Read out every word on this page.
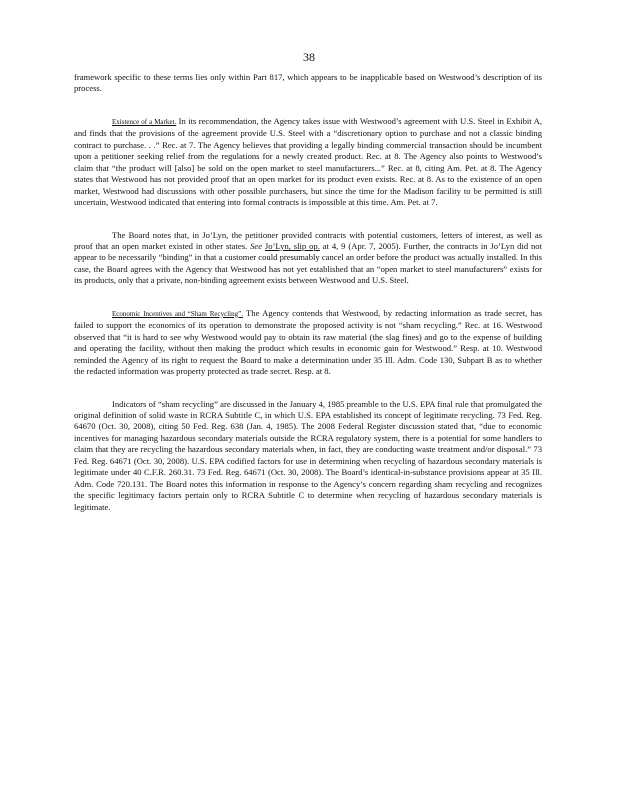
38

framework specific to these terms lies only within Part 817, which appears to be inapplicable based on Westwood’s description of its process.

Existence of a Market. In its recommendation, the Agency takes issue with Westwood’s agreement with U.S. Steel in Exhibit A, and finds that the provisions of the agreement provide U.S. Steel with a “discretionary option to purchase and not a classic binding contract to purchase. . .” Rec. at 7. The Agency believes that providing a legally binding commercial transaction should be incumbent upon a petitioner seeking relief from the regulations for a newly created product. Rec. at 8. The Agency also points to Westwood’s claim that “the product will [also] be sold on the open market to steel manufacturers...” Rec. at 8, citing Am. Pet. at 8. The Agency states that Westwood has not provided proof that an open market for its product even exists. Rec. at 8. As to the existence of an open market, Westwood had discussions with other possible purchasers, but since the time for the Madison facility to be permitted is still uncertain, Westwood indicated that entering into formal contracts is impossible at this time. Am. Pet. at 7.

The Board notes that, in Jo’Lyn, the petitioner provided contracts with potential customers, letters of interest, as well as proof that an open market existed in other states. See Jo’Lyn, slip op. at 4, 9 (Apr. 7, 2005). Further, the contracts in Jo’Lyn did not appear to be necessarily “binding” in that a customer could presumably cancel an order before the product was actually installed. In this case, the Board agrees with the Agency that Westwood has not yet established that an “open market to steel manufacturers” exists for its products, only that a private, non-binding agreement exists between Westwood and U.S. Steel.

Economic Incentives and “Sham Recycling”. The Agency contends that Westwood, by redacting information as trade secret, has failed to support the economics of its operation to demonstrate the proposed activity is not “sham recycling.” Rec. at 16. Westwood observed that “it is hard to see why Westwood would pay to obtain its raw material (the slag fines) and go to the expense of building and operating the facility, without then making the product which results in economic gain for Westwood.” Resp. at 10. Westwood reminded the Agency of its right to request the Board to make a determination under 35 Ill. Adm. Code 130, Subpart B as to whether the redacted information was property protected as trade secret. Resp. at 8.

Indicators of “sham recycling” are discussed in the January 4, 1985 preamble to the U.S. EPA final rule that promulgated the original definition of solid waste in RCRA Subtitle C, in which U.S. EPA established its concept of legitimate recycling. 73 Fed. Reg. 64670 (Oct. 30, 2008), citing 50 Fed. Reg. 638 (Jan. 4, 1985). The 2008 Federal Register discussion stated that, “due to economic incentives for managing hazardous secondary materials outside the RCRA regulatory system, there is a potential for some handlers to claim that they are recycling the hazardous secondary materials when, in fact, they are conducting waste treatment and/or disposal.” 73 Fed. Reg. 64671 (Oct. 30, 2008). U.S. EPA codified factors for use in determining when recycling of hazardous secondary materials is legitimate under 40 C.F.R. 260.31. 73 Fed. Reg. 64671 (Oct. 30, 2008). The Board’s identical-in-substance provisions appear at 35 Ill. Adm. Code 720.131. The Board notes this information in response to the Agency’s concern regarding sham recycling and recognizes the specific legitimacy factors pertain only to RCRA Subtitle C to determine when recycling of hazardous secondary materials is legitimate.
